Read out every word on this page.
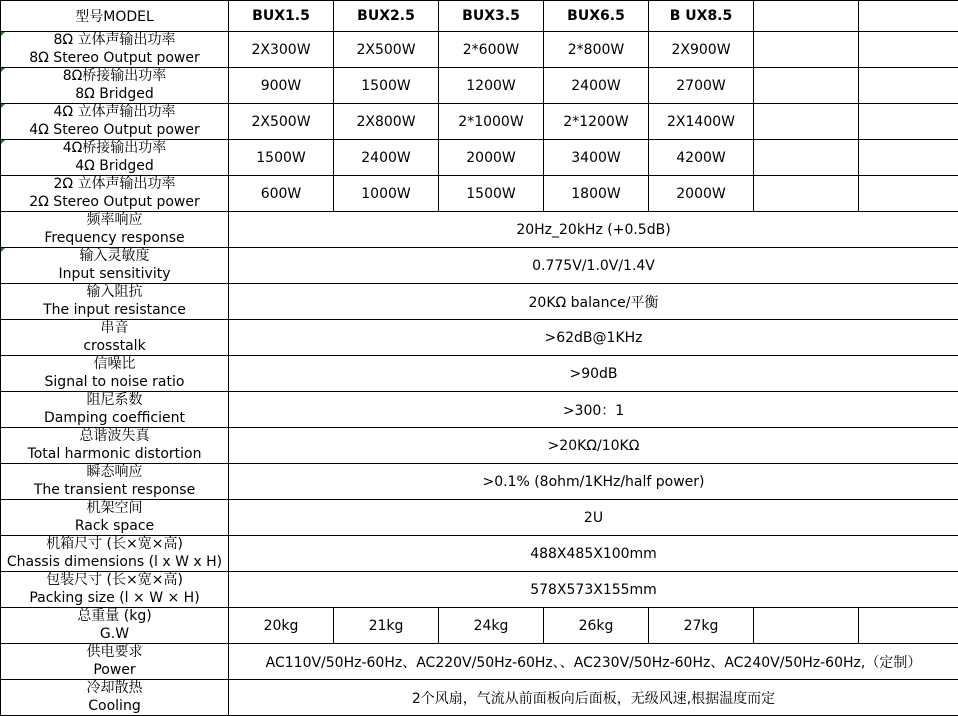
型号MODEL	BUX1.5	BUX2.5	BUX3.5	BUX6.5	B UX8.5		

8Ω 立体声输出功率
8Ω Stereo Output power	2X300W	2X500W	2*600W	2*800W	2X900W		

8Ω桥接输出功率
8Ω Bridged	900W	1500W	1200W	2400W	2700W		

4Ω 立体声输出功率
4Ω Stereo Output power	2X500W	2X800W	2*1000W	2*1200W	2X1400W		

4Ω桥接输出功率
4Ω Bridged	1500W	2400W	2000W	3400W	4200W		

2Ω 立体声输出功率
2Ω Stereo Output power	600W	1000W	1500W	1800W	2000W		

频率响应
Frequency response	20Hz_20kHz (+0.5dB)						

输入灵敏度
Input sensitivity	0.775V/1.0V/1.4V						

输入阻抗
The input resistance	20KΩ balance/平衡						

串音
crosstalk	>62dB@1KHz						

信噪比
Signal to noise ratio	>90dB						

阻尼系数
Damping coefficient	>300：1						

总谐波失真
Total harmonic distortion	>20KΩ/10KΩ						

瞬态响应
The transient response	>0.1% (8ohm/1KHz/half power)						

机架空间
Rack space	2U						

机箱尺寸 (长×宽×高)
Chassis dimensions (l x W x H)	488X485X100mm						

包装尺寸 (长×宽×高)
Packing size (l × W × H)	578X573X155mm						

总重量 (kg)
G.W	20kg	21kg	24kg	26kg	27kg		

供电要求
Power	AC110V/50Hz-60Hz、AC220V/50Hz-60Hz、、AC230V/50Hz-60Hz、AC240V/50Hz-60Hz,（定制）						

冷却散热
Cooling	2个风扇，气流从前面板向后面板，无级风速,根据温度而定						
